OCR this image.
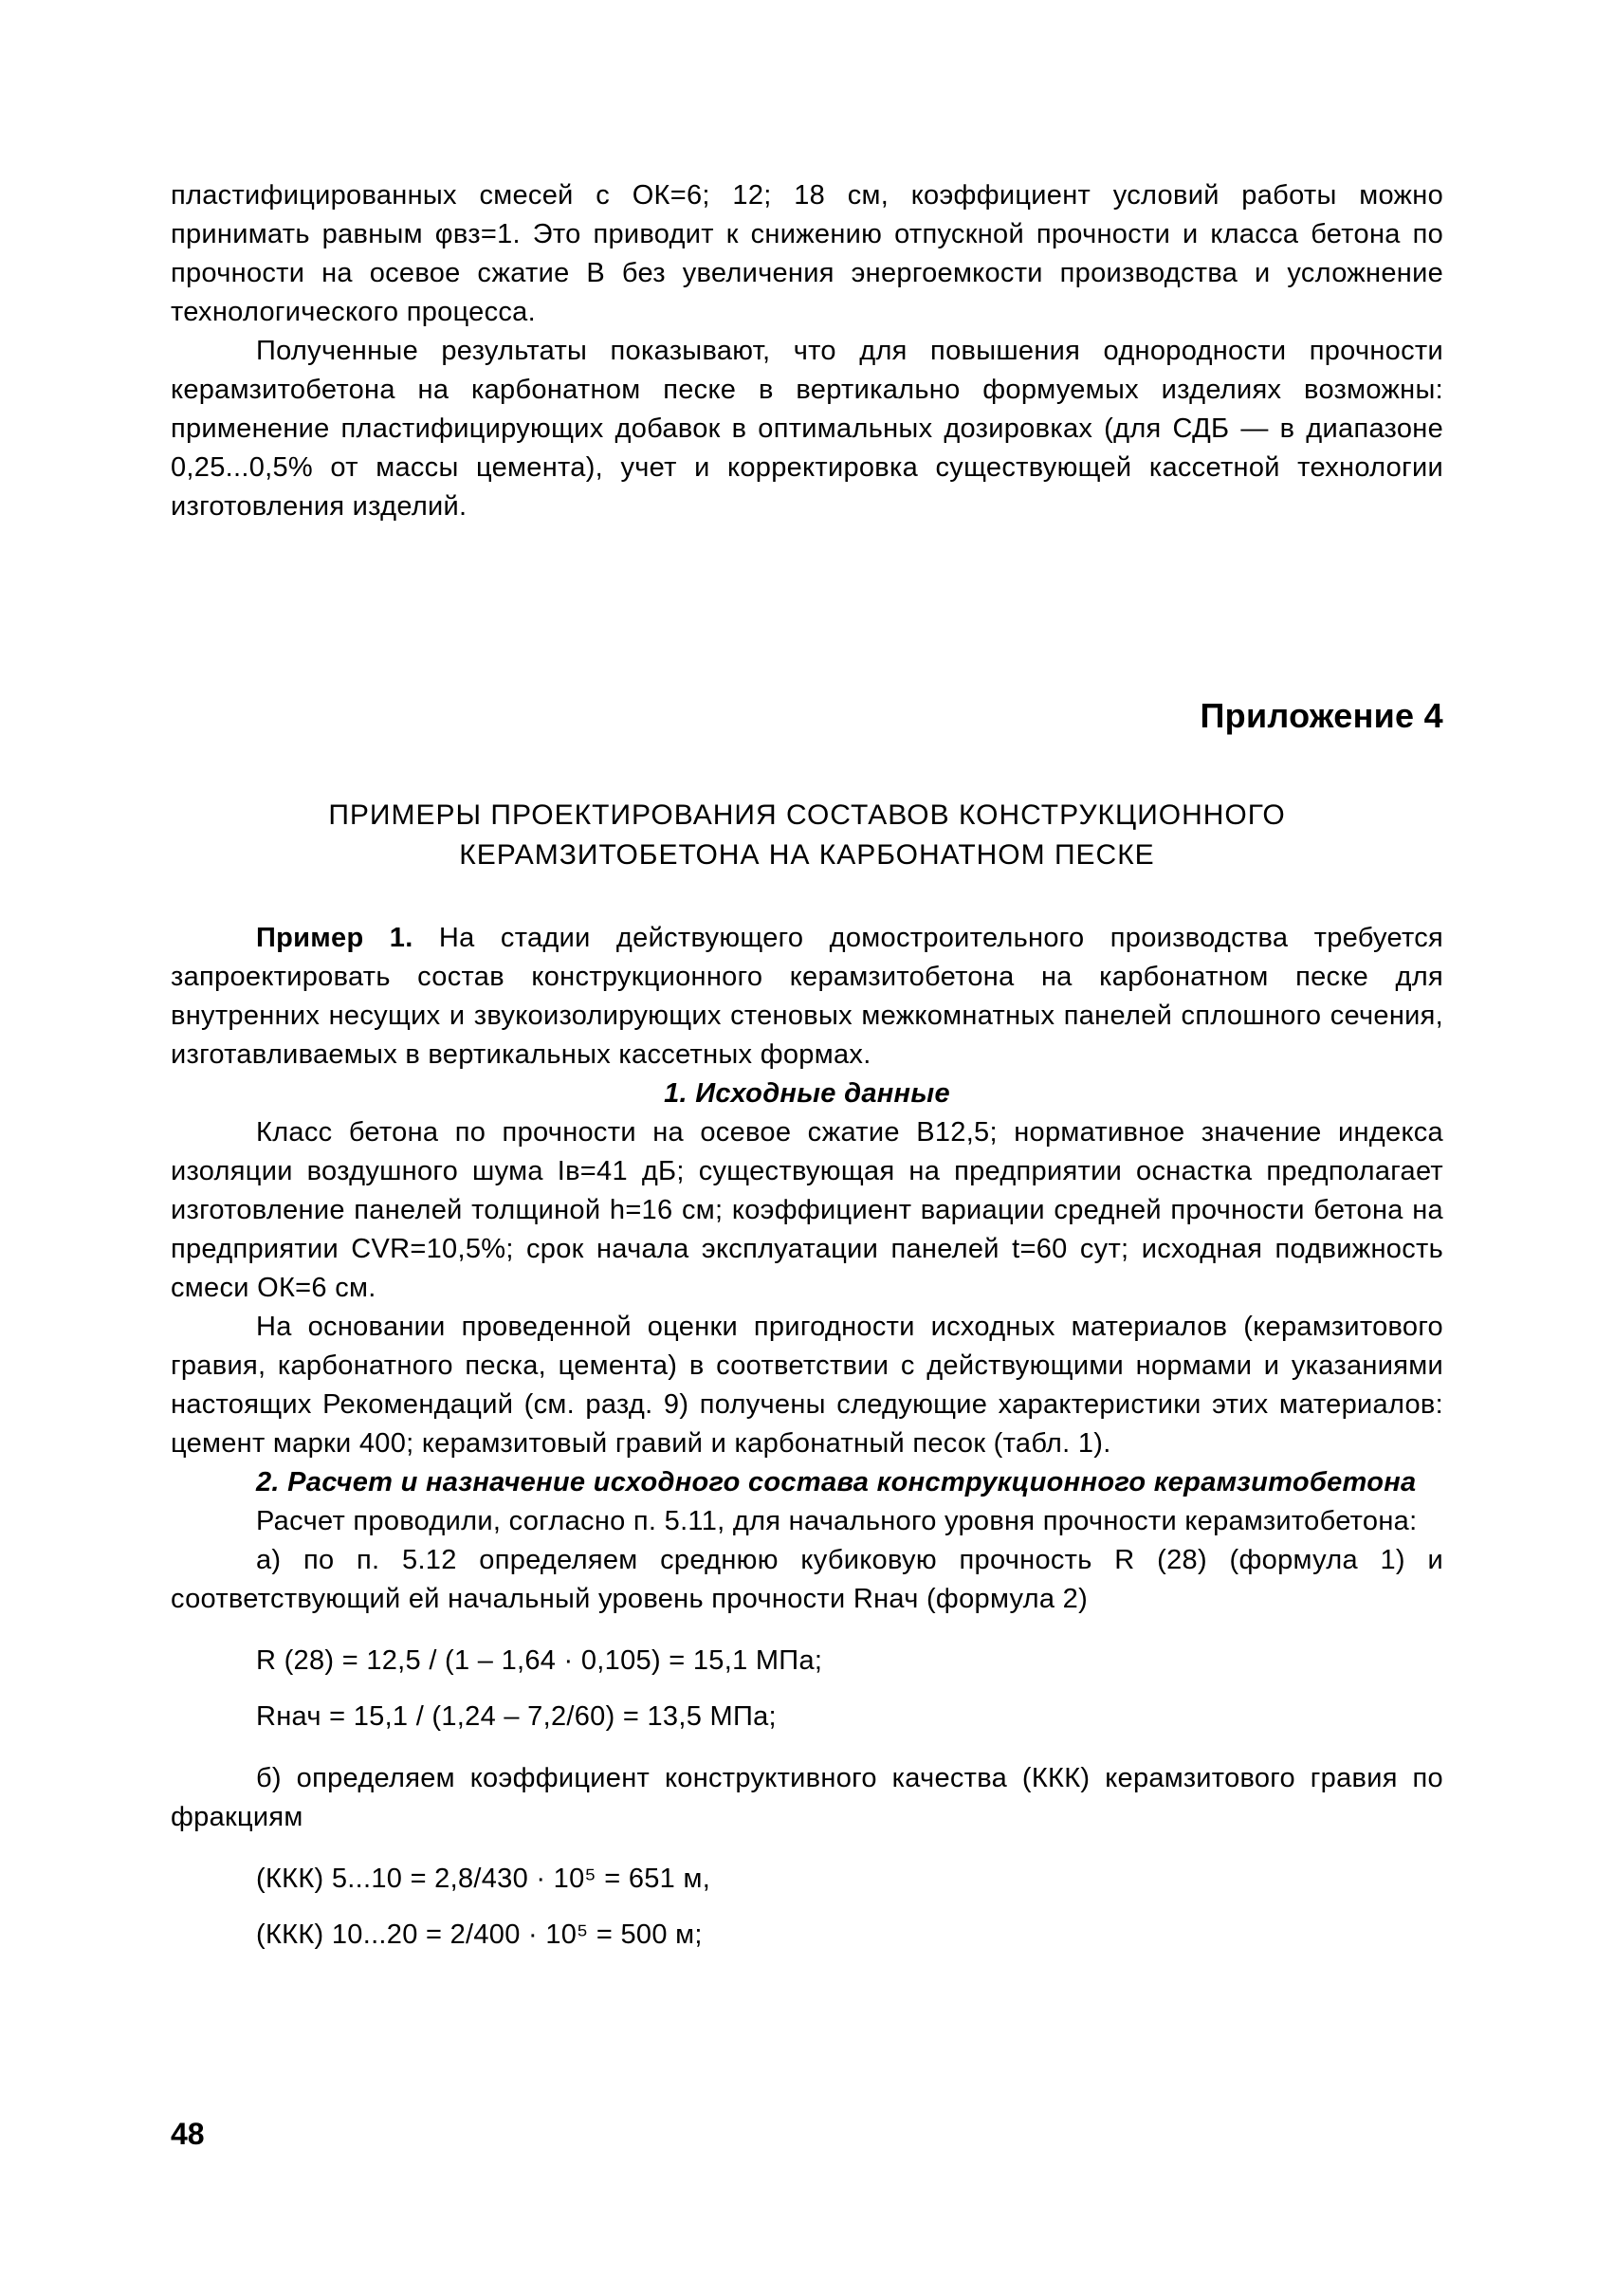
пластифицированных смесей с ОК=6; 12; 18 см, коэффициент условий работы можно принимать равным φвз=1. Это приводит к снижению отпускной прочности и класса бетона по прочности на осевое сжатие В без увеличения энергоемкости производства и усложнение технологического процесса.

Полученные результаты показывают, что для повышения однородности прочности керамзитобетона на карбонатном песке в вертикально формуемых изделиях возможны: применение пластифицирующих добавок в оптимальных дозировках (для СДБ — в диапазоне 0,25...0,5% от массы цемента), учет и корректировка существующей кассетной технологии изготовления изделий.

Приложение 4
ПРИМЕРЫ ПРОЕКТИРОВАНИЯ СОСТАВОВ КОНСТРУКЦИОННОГО
КЕРАМЗИТОБЕТОНА НА КАРБОНАТНОМ ПЕСКЕ

Пример 1. На стадии действующего домостроительного производства требуется запроектировать состав конструкционного керамзитобетона на карбонатном песке для внутренних несущих и звукоизолирующих стеновых межкомнатных панелей сплошного сечения, изготавливаемых в вертикальных кассетных формах.

1. Исходные данные

Класс бетона по прочности на осевое сжатие В12,5; нормативное значение индекса изоляции воздушного шума Iв=41 дБ; существующая на предприятии оснастка предполагает изготовление панелей толщиной h=16 см; коэффициент вариации средней прочности бетона на предприятии CVR=10,5%; срок начала эксплуатации панелей t=60 сут; исходная подвижность смеси ОК=6 см.

На основании проведенной оценки пригодности исходных материалов (керамзитового гравия, карбонатного песка, цемента) в соответствии с действующими нормами и указаниями настоящих Рекомендаций (см. разд. 9) получены следующие характеристики этих материалов: цемент марки 400; керамзитовый гравий и карбонатный песок (табл. 1).

2. Расчет и назначение исходного состава конструкционного керамзитобетона

Расчет проводили, согласно п. 5.11, для начального уровня прочности керамзитобетона:

а) по п. 5.12 определяем среднюю кубиковую прочность R (28) (формула 1) и соответствующий ей начальный уровень прочности Rнач (формула 2)

R (28) = 12,5 / (1 – 1,64 · 0,105) = 15,1 МПа;
Rнач = 15,1 / (1,24 – 7,2/60) = 13,5 МПа;

б) определяем коэффициент конструктивного качества (ККК) керамзитового гравия по фракциям

(ККК) 5...10 = 2,8/430 · 10⁵ = 651 м,
(ККК) 10...20 = 2/400 · 10⁵ = 500 м;
48
